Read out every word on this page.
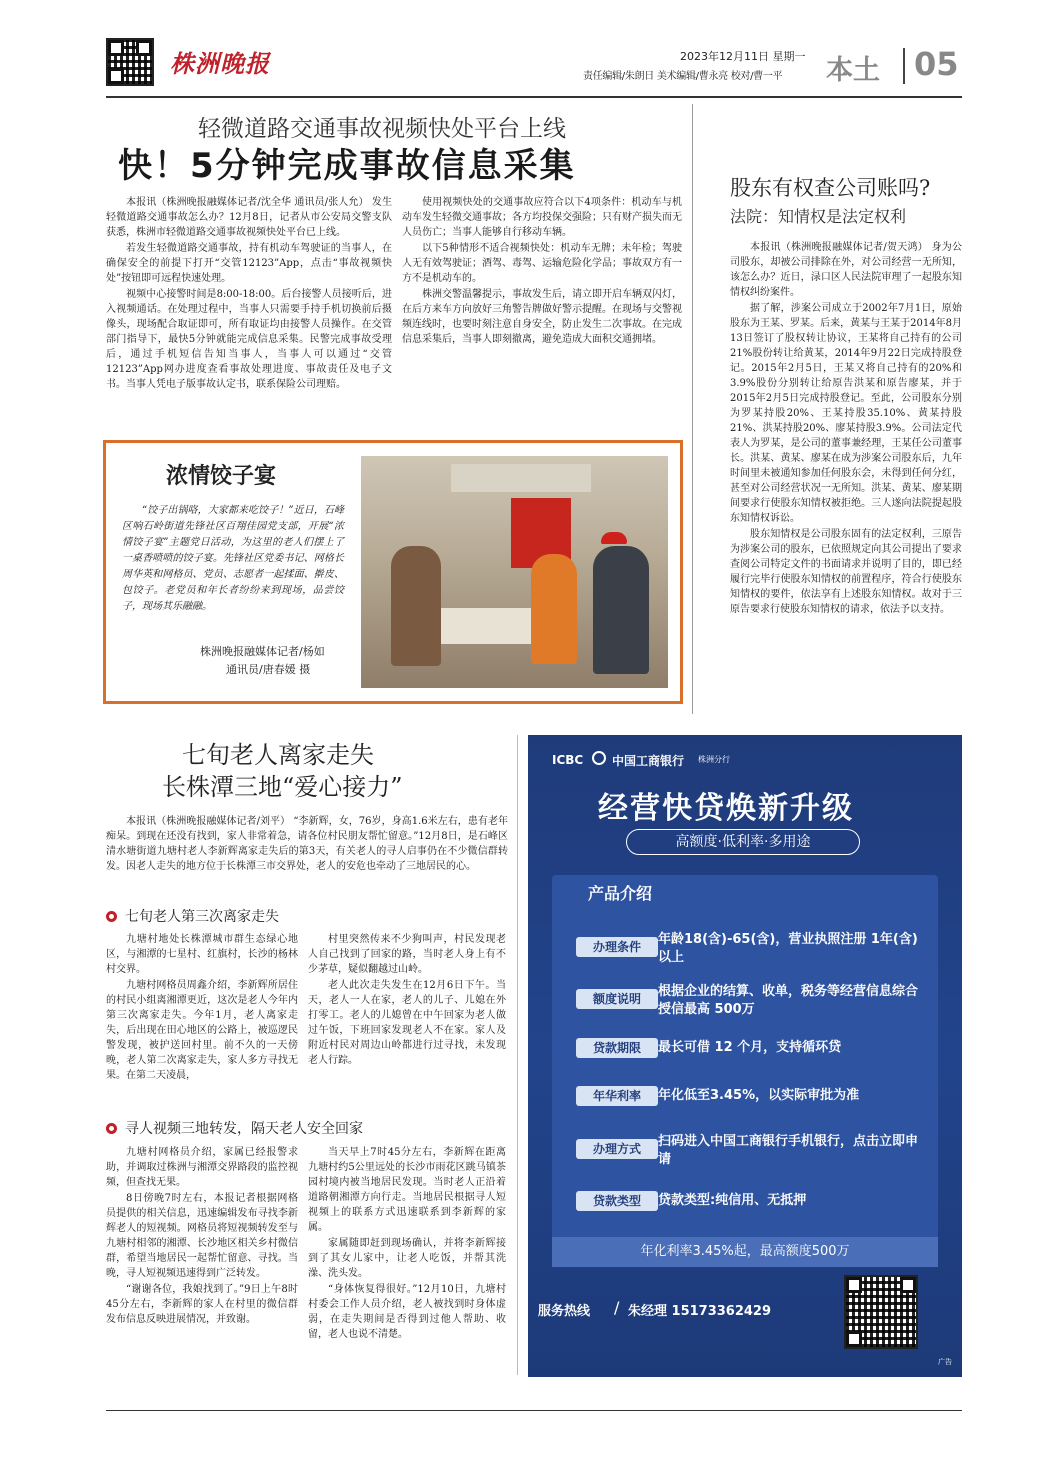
株洲晚报	2023年12月11日 星期一
责任编辑/朱朗日 美术编辑/曹永亮 校对/曹一平 本土 05
轻微道路交通事故视频快处平台上线
快！5分钟完成事故信息采集

本报讯（株洲晚报融媒体记者/沈全华 通讯员/张人允） 发生轻微道路交通事故怎么办？12月8日，记者从市公安局交警支队获悉，株洲市轻微道路交通事故视频快处平台已上线。

若发生轻微道路交通事故，持有机动车驾驶证的当事人，在确保安全的前提下打开“交管12123”App，点击“事故视频快处”按钮即可远程快速处理。

视频中心接警时间是8:00-18:00。后台接警人员接听后，进入视频通话。在处理过程中，当事人只需要手持手机切换前后摄像头，现场配合取证即可，所有取证均由接警人员操作。在交管部门指导下，最快5分钟就能完成信息采集。民警完成事故受理后，通过手机短信告知当事人，当事人可以通过“交管12123”App网办进度查看事故处理进度、事故责任及电子文书。当事人凭电子版事故认定书，联系保险公司理赔。

使用视频快处的交通事故应符合以下4项条件：机动车与机动车发生轻微交通事故；各方均投保交强险；只有财产损失而无人员伤亡；当事人能够自行移动车辆。

以下5种情形不适合视频快处：机动车无牌；未年检；驾驶人无有效驾驶证；酒驾、毒驾、运输危险化学品；事故双方有一方不是机动车的。

株洲交警温馨提示，事故发生后，请立即开启车辆双闪灯，在后方来车方向放好三角警告牌做好警示提醒。在现场与交警视频连线时，也要时刻注意自身安全，防止发生二次事故。在完成信息采集后，当事人即刻撤离，避免造成大面积交通拥堵。

股东有权查公司账吗?
法院：知情权是法定权利

本报讯（株洲晚报融媒体记者/贺天鸿） 身为公司股东，却被公司排除在外，对公司经营一无所知，该怎么办？近日，渌口区人民法院审理了一起股东知情权纠纷案件。

据了解，涉案公司成立于2002年7月1日，原始股东为王某、罗某。后来，黄某与王某于2014年8月13日签订了股权转让协议，王某将自己持有的公司21%股份转让给黄某，2014年9月22日完成持股登记。2015年2月5日，王某又将自己持有的20%和3.9%股份分别转让给原告洪某和原告廖某，并于2015年2月5日完成持股登记。至此，公司股东分别为罗某持股20%、王某持股35.10%、黄某持股21%、洪某持股20%、廖某持股3.9%。公司法定代表人为罗某，是公司的董事兼经理，王某任公司董事长。洪某、黄某、廖某在成为涉案公司股东后，九年时间里未被通知参加任何股东会，未得到任何分红，甚至对公司经营状况一无所知。洪某、黄某、廖某期间要求行使股东知情权被拒绝。三人遂向法院提起股东知情权诉讼。

股东知情权是公司股东固有的法定权利，三原告为涉案公司的股东，已依照规定向其公司提出了要求查阅公司特定文件的书面请求并说明了目的，即已经履行完毕行使股东知情权的前置程序，符合行使股东知情权的要件，依法享有上述股东知情权。故对于三原告要求行使股东知情权的请求，依法予以支持。

浓情饺子宴
“饺子出锅咯，大家都来吃饺子！”近日，石峰区响石岭街道先锋社区百翔佳园党支部，开展“浓情饺子宴”主题党日活动，为这里的老人们摆上了一桌香喷喷的饺子宴。先锋社区党委书记、网格长周华英和网格员、党员、志愿者一起揉面、擀皮、包饺子。老党员和年长者纷纷来到现场，品尝饺子，现场其乐融融。
株洲晚报融媒体记者/杨如
通讯员/唐春媛 摄
七旬老人离家走失
长株潭三地“爱心接力”

本报讯（株洲晚报融媒体记者/刘平） “李新辉，女，76岁，身高1.6米左右，患有老年痴呆。到现在还没有找到，家人非常着急，请各位村民朋友帮忙留意。”12月8日，是石峰区清水塘街道九塘村老人李新辉离家走失后的第3天，有关老人的寻人启事仍在不少微信群转发。因老人走失的地方位于长株潭三市交界处，老人的安危也牵动了三地居民的心。

七旬老人第三次离家走失

九塘村地处长株潭城市群生态绿心地区，与湘潭的七星村、红旗村，长沙的杨林村交界。

九塘村网格员周鑫介绍，李新辉所居住的村民小组离湘潭更近，这次是老人今年内第三次离家走失。今年1月，老人离家走失，后出现在田心地区的公路上，被巡逻民警发现，被护送回村里。前不久的一天傍晚，老人第二次离家走失，家人多方寻找无果。在第二天凌晨，

村里突然传来不少狗叫声，村民发现老人自己找到了回家的路，当时老人身上有不少茅草，疑似翻越过山岭。

老人此次走失发生在12月6日下午。当天，老人一人在家，老人的儿子、儿媳在外打零工。老人的儿媳曾在中午回家为老人做过午饭，下班回家发现老人不在家。家人及附近村民对周边山岭都进行过寻找，未发现老人行踪。

寻人视频三地转发，隔天老人安全回家

九塘村网格员介绍，家属已经报警求助，并调取过株洲与湘潭交界路段的监控视频，但查找无果。

8日傍晚7时左右，本报记者根据网格员提供的相关信息，迅速编辑发布寻找李新辉老人的短视频。网格员将短视频转发至与九塘村相邻的湘潭、长沙地区相关乡村微信群，希望当地居民一起帮忙留意、寻找。当晚，寻人短视频迅速得到广泛转发。

“谢谢各位，我娘找到了。”9日上午8时45分左右，李新辉的家人在村里的微信群发布信息反映进展情况，并致谢。

当天早上7时45分左右，李新辉在距离九塘村约5公里远处的长沙市雨花区跳马镇茶园村境内被当地居民发现。当时老人正沿着道路朝湘潭方向行走。当地居民根据寻人短视频上的联系方式迅速联系到李新辉的家属。

家属随即赶到现场确认，并将李新辉接到了其女儿家中，让老人吃饭，并帮其洗澡、洗头发。

“身体恢复得很好。”12月10日，九塘村村委会工作人员介绍，老人被找到时身体虚弱，在走失期间是否得到过他人帮助、收留，老人也说不清楚。

ICBC 中国工商银行 株洲分行
经营快贷焕新升级
高额度·低利率·多用途
产品介绍
办理条件	年龄18(含)-65(含)，营业执照注册 1年(含)以上
额度说明	根据企业的结算、收单，税务等经营信息综合授信最高 500万
贷款期限	最长可借 12 个月，支持循环贷
年华利率	年化低至3.45%，以实际审批为准
办理方式	扫码进入中国工商银行手机银行，点击立即申请
贷款类型	贷款类型:纯信用、无抵押
年化利率3.45%起，最高额度500万
服务热线 / 朱经理 15173362429
广告
